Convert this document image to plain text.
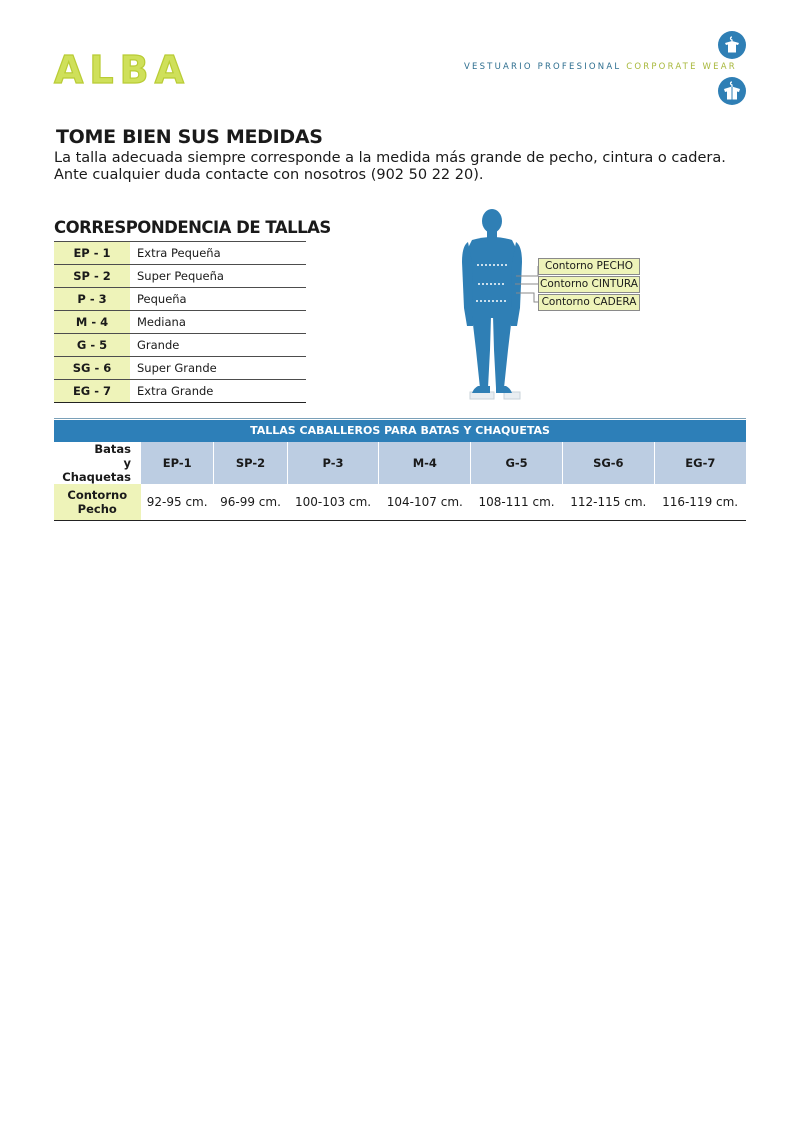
ALBA	VESTUARIO PROFESIONAL CORPORATE WEAR
TOME BIEN SUS MEDIDAS
La talla adecuada siempre corresponde a la medida más grande de pecho, cintura o cadera.
Ante cualquier duda contacte con nosotros (902 50 22 20).
CORRESPONDENCIA DE TALLAS
EP - 1	Extra Pequeña
SP - 2	Super Pequeña
P - 3	Pequeña
M - 4	Mediana
G - 5	Grande
SG - 6	Super Grande
EG - 7	Extra Grande
Contorno PECHO
Contorno CINTURA
Contorno CADERA
TALLAS CABALLEROS PARA BATAS Y CHAQUETAS
Batas
y Chaquetas	EP-1	SP-2	P-3	M-4	G-5	SG-6	EG-7

Contorno
Pecho	92-95 cm.	96-99 cm.	100-103 cm.	104-107 cm.	108-111 cm.	112-115 cm.	116-119 cm.
